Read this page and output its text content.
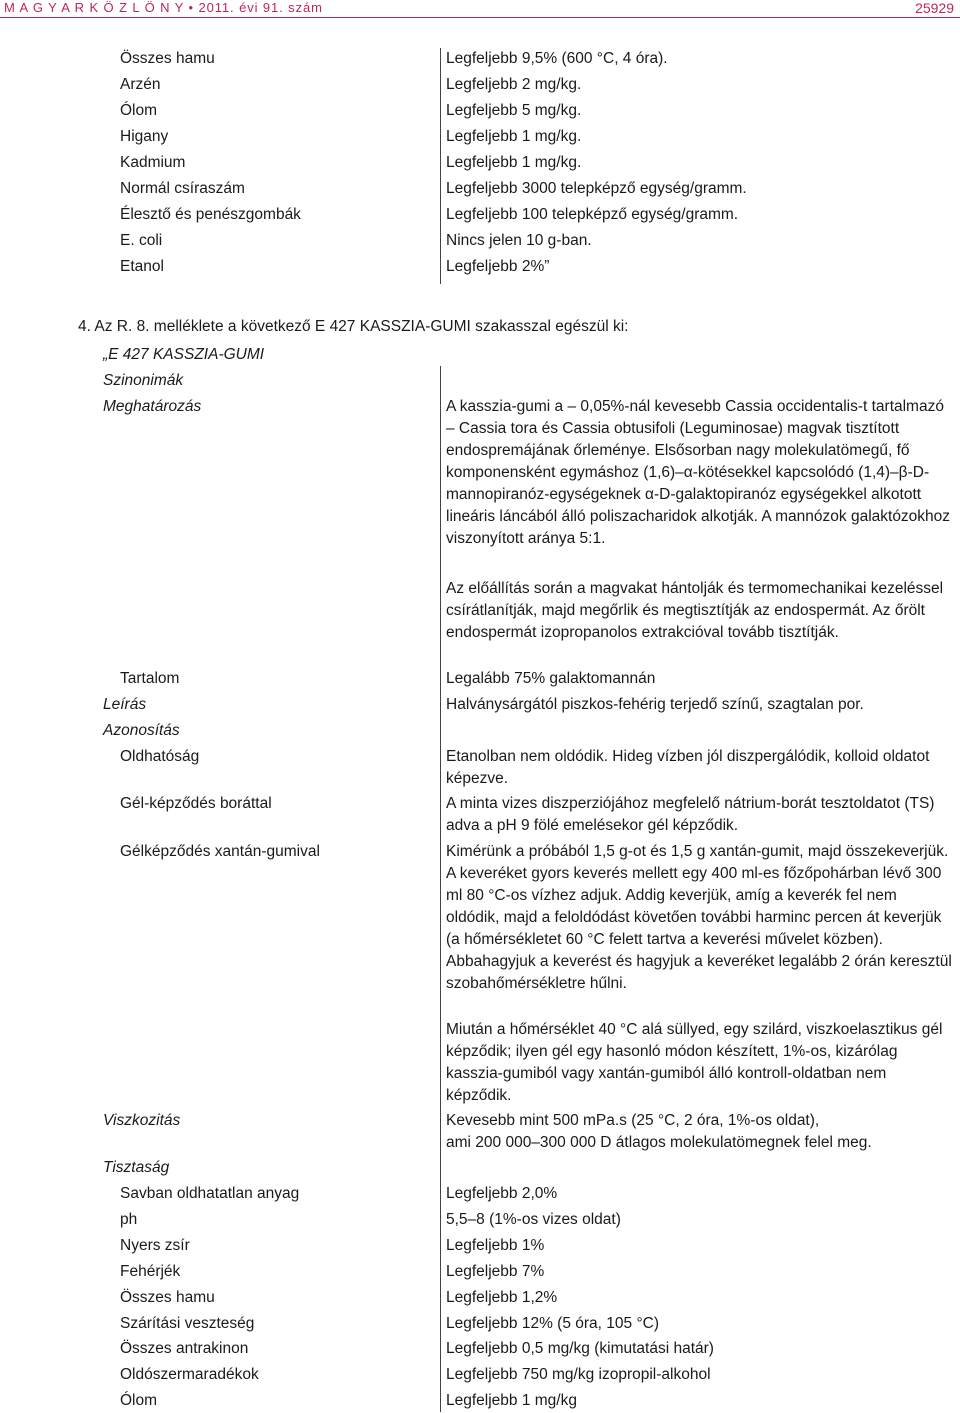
M A G Y A R K Ö Z L Ö N Y • 2011. évi 91. szám	25929
Összes hamu	Legfeljebb 9,5% (600 °C, 4 óra).
Arzén	Legfeljebb 2 mg/kg.
Ólom	Legfeljebb 5 mg/kg.
Higany	Legfeljebb 1 mg/kg.
Kadmium	Legfeljebb 1 mg/kg.
Normál csíraszám	Legfeljebb 3000 telepképző egység/gramm.
Élesztő és penészgombák	Legfeljebb 100 telepképző egység/gramm.
E. coli	Nincs jelen 10 g-ban.
Etanol	Legfeljebb 2%”
4. Az R. 8. melléklete a következő E 427 KASSZIA-GUMI szakasszal egészül ki:
„E 427 KASSZIA-GUMI
Szinonimák
Meghatározás	A kasszia-gumi a – 0,05%-nál kevesebb Cassia occidentalis-t tartalmazó – Cassia tora és Cassia obtusifoli (Leguminosae) magvak tisztított endospremájának őrleménye. Elsősorban nagy molekulatömegű, fő komponensként egymáshoz (1,6)–α-kötésekkel kapcsolódó (1,4)–β-D-mannopiranóz-egységeknek α-D-galaktopiranóz egységekkel alkotott lineáris láncából álló poliszacharidok alkotják. A mannózok galaktózokhoz viszonyított aránya 5:1.
Az előállítás során a magvakat hántolják és termomechanikai kezeléssel csírátlanítják, majd megőrlik és megtisztítják az endospermát. Az őrölt endospermát izopropanolos extrakcióval tovább tisztítják.
Tartalom	Legalább 75% galaktomannán
Leírás	Halványsárgától piszkos-fehérig terjedő színű, szagtalan por.
Azonosítás
Oldhatóság	Etanolban nem oldódik. Hideg vízben jól diszpergálódik, kolloid oldatot képezve.
Gél-képződés boráttal	A minta vizes diszperziójához megfelelő nátrium-borát tesztoldatot (TS) adva a pH 9 fölé emelésekor gél képződik.
Gélképződés xantán-gumival	Kimérünk a próbából 1,5 g-ot és 1,5 g xantán-gumit, majd összekeverjük. A keveréket gyors keverés mellett egy 400 ml-es főzőpohárban lévő 300 ml 80 °C-os vízhez adjuk. Addig keverjük, amíg a keverék fel nem oldódik, majd a feloldódást követően további harminc percen át keverjük (a hőmérsékletet 60 °C felett tartva a keverési művelet közben). Abbahagyjuk a keverést és hagyjuk a keveréket legalább 2 órán keresztül szobahőmérsékletre hűlni.
Miután a hőmérséklet 40 °C alá süllyed, egy szilárd, viszkoelasztikus gél képződik; ilyen gél egy hasonló módon készített, 1%-os, kizárólag kasszia-gumiból vagy xantán-gumiból álló kontroll-oldatban nem képződik.
Viszkozitás	Kevesebb mint 500 mPa.s (25 °C, 2 óra, 1%-os oldat),
ami 200 000–300 000 D átlagos molekulatömegnek felel meg.
Tisztaság
Savban oldhatatlan anyag	Legfeljebb 2,0%
ph	5,5–8 (1%-os vizes oldat)
Nyers zsír	Legfeljebb 1%
Fehérjék	Legfeljebb 7%
Összes hamu	Legfeljebb 1,2%
Szárítási veszteség	Legfeljebb 12% (5 óra, 105 °C)
Összes antrakinon	Legfeljebb 0,5 mg/kg (kimutatási határ)
Oldószermaradékok	Legfeljebb 750 mg/kg izopropil-alkohol
Ólom	Legfeljebb 1 mg/kg
